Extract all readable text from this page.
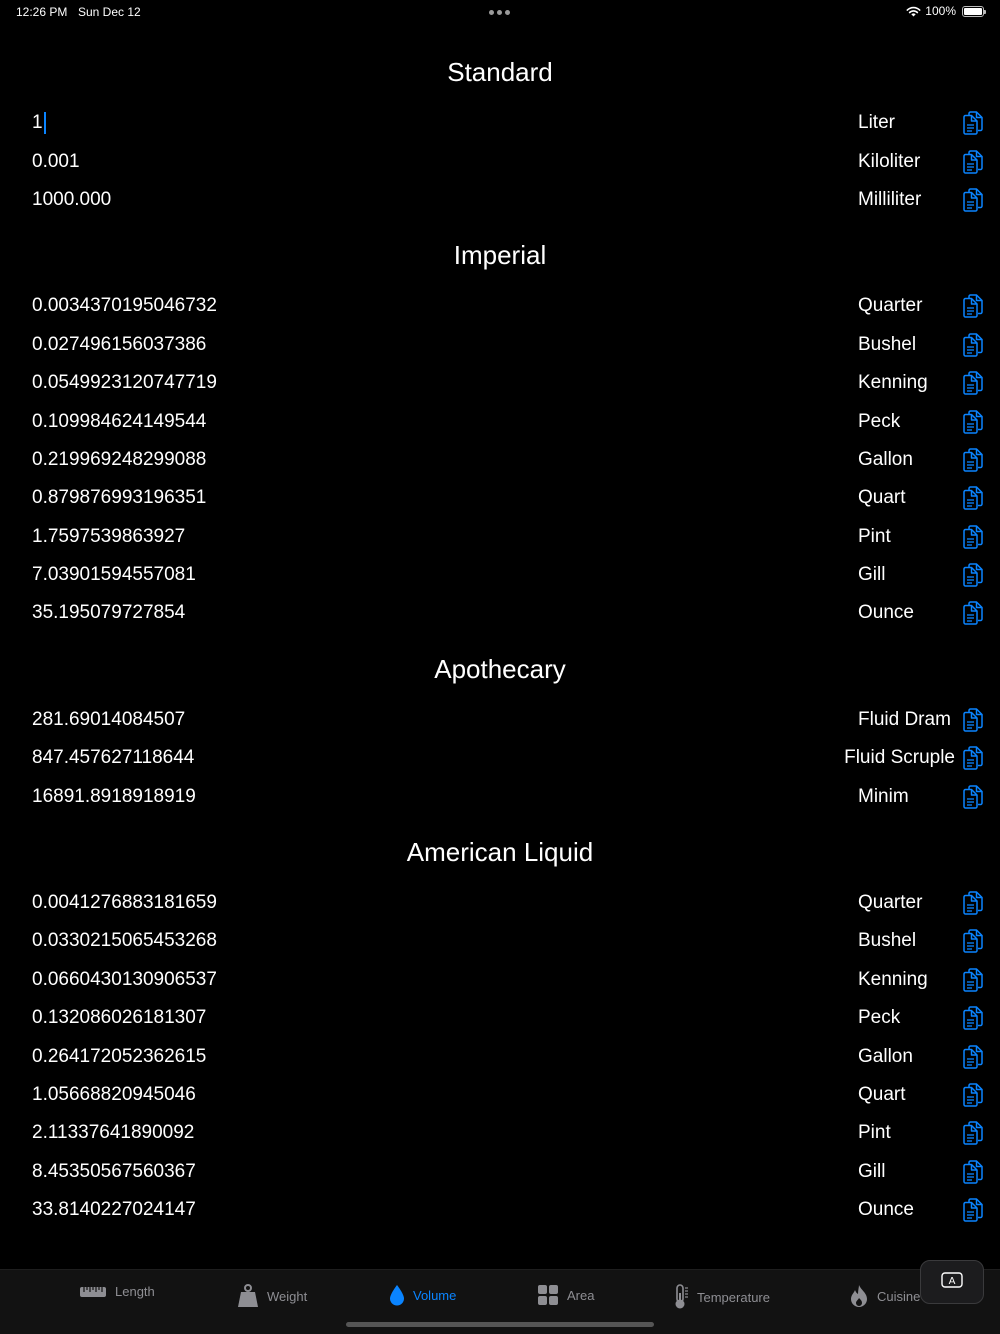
12:26 PM Sun Dec 12	100%
Standard
1	Liter
0.001	Kiloliter
1000.000	Milliliter
Imperial
0.0034370195046732	Quarter
0.027496156037386	Bushel
0.0549923120747719	Kenning
0.109984624149544	Peck
0.219969248299088	Gallon
0.879876993196351	Quart
1.7597539863927	Pint
7.03901594557081	Gill
35.195079727854	Ounce
Apothecary
281.69014084507	Fluid Dram
847.457627118644	Fluid Scruple
16891.8918918919	Minim
American Liquid
0.0041276883181659	Quarter
0.0330215065453268	Bushel
0.0660430130906537	Kenning
0.132086026181307	Peck
0.264172052362615	Gallon
1.05668820945046	Quart
2.11337641890092	Pint
8.45350567560367	Gill
33.8140227024147	Ounce
Length	Weight	Volume	Area	Temperature	Cuisine
A
